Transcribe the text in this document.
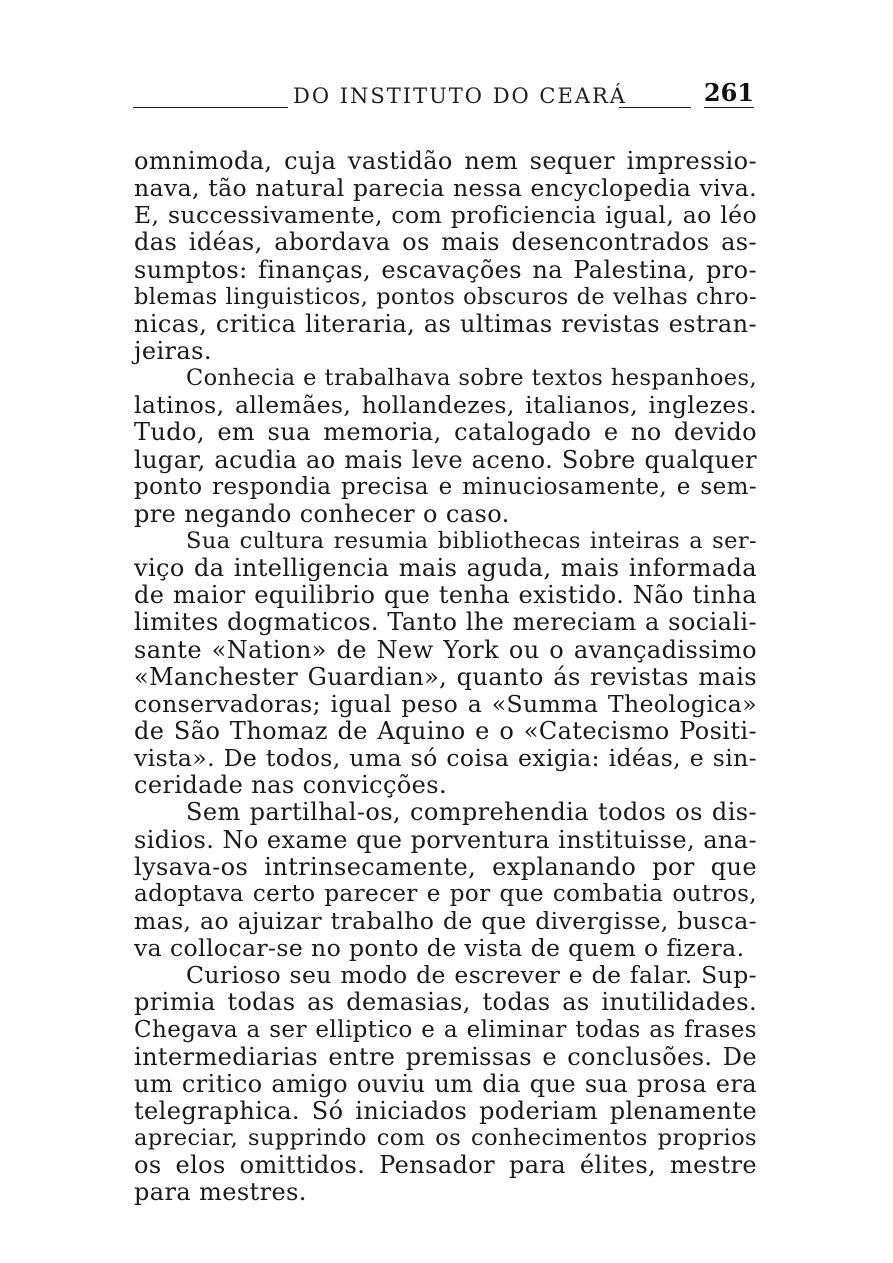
DO INSTITUTO DO CEARÁ	261
omnimoda, cuja vastidão nem sequer impressio-
nava, tão natural parecia nessa encyclopedia viva.
E, successivamente, com proficiencia igual, ao léo
das idéas, abordava os mais desencontrados as-
sumptos: finanças, escavações na Palestina, pro-
blemas linguisticos, pontos obscuros de velhas chro-
nicas, critica literaria, as ultimas revistas estran-
jeiras.
Conhecia e trabalhava sobre textos hespanhoes,
latinos, allemães, hollandezes, italianos, inglezes.
Tudo, em sua memoria, catalogado e no devido
lugar, acudia ao mais leve aceno. Sobre qualquer
ponto respondia precisa e minuciosamente, e sem-
pre negando conhecer o caso.
Sua cultura resumia bibliothecas inteiras a ser-
viço da intelligencia mais aguda, mais informada
de maior equilibrio que tenha existido. Não tinha
limites dogmaticos. Tanto lhe mereciam a sociali-
sante «Nation» de New York ou o avançadissimo
«Manchester Guardian», quanto ás revistas mais
conservadoras; igual peso a «Summa Theologica»
de São Thomaz de Aquino e o «Catecismo Positi-
vista». De todos, uma só coisa exigia: idéas, e sin-
ceridade nas convicções.
Sem partilhal-os, comprehendia todos os dis-
sidios. No exame que porventura instituisse, ana-
lysava-os intrinsecamente, explanando por que
adoptava certo parecer e por que combatia outros,
mas, ao ajuizar trabalho de que divergisse, busca-
va collocar-se no ponto de vista de quem o fizera.
Curioso seu modo de escrever e de falar. Sup-
primia todas as demasias, todas as inutilidades.
Chegava a ser elliptico e a eliminar todas as frases
intermediarias entre premissas e conclusões. De
um critico amigo ouviu um dia que sua prosa era
telegraphica. Só iniciados poderiam plenamente
apreciar, supprindo com os conhecimentos proprios
os elos omittidos. Pensador para élites, mestre
para mestres.
